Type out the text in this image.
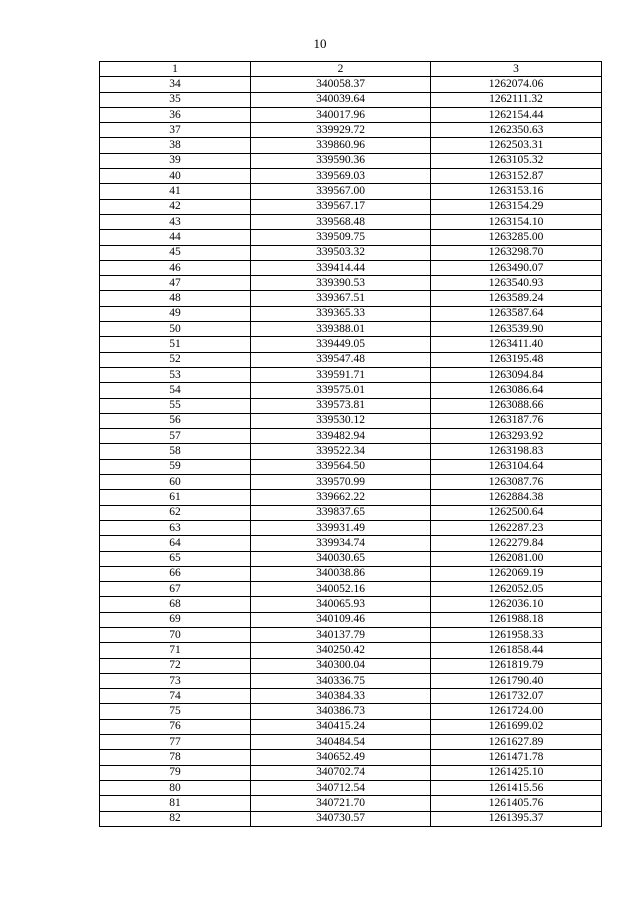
10
1	2	3
34	340058.37	1262074.06
35	340039.64	1262111.32
36	340017.96	1262154.44
37	339929.72	1262350.63
38	339860.96	1262503.31
39	339590.36	1263105.32
40	339569.03	1263152.87
41	339567.00	1263153.16
42	339567.17	1263154.29
43	339568.48	1263154.10
44	339509.75	1263285.00
45	339503.32	1263298.70
46	339414.44	1263490.07
47	339390.53	1263540.93
48	339367.51	1263589.24
49	339365.33	1263587.64
50	339388.01	1263539.90
51	339449.05	1263411.40
52	339547.48	1263195.48
53	339591.71	1263094.84
54	339575.01	1263086.64
55	339573.81	1263088.66
56	339530.12	1263187.76
57	339482.94	1263293.92
58	339522.34	1263198.83
59	339564.50	1263104.64
60	339570.99	1263087.76
61	339662.22	1262884.38
62	339837.65	1262500.64
63	339931.49	1262287.23
64	339934.74	1262279.84
65	340030.65	1262081.00
66	340038.86	1262069.19
67	340052.16	1262052.05
68	340065.93	1262036.10
69	340109.46	1261988.18
70	340137.79	1261958.33
71	340250.42	1261858.44
72	340300.04	1261819.79
73	340336.75	1261790.40
74	340384.33	1261732.07
75	340386.73	1261724.00
76	340415.24	1261699.02
77	340484.54	1261627.89
78	340652.49	1261471.78
79	340702.74	1261425.10
80	340712.54	1261415.56
81	340721.70	1261405.76
82	340730.57	1261395.37
